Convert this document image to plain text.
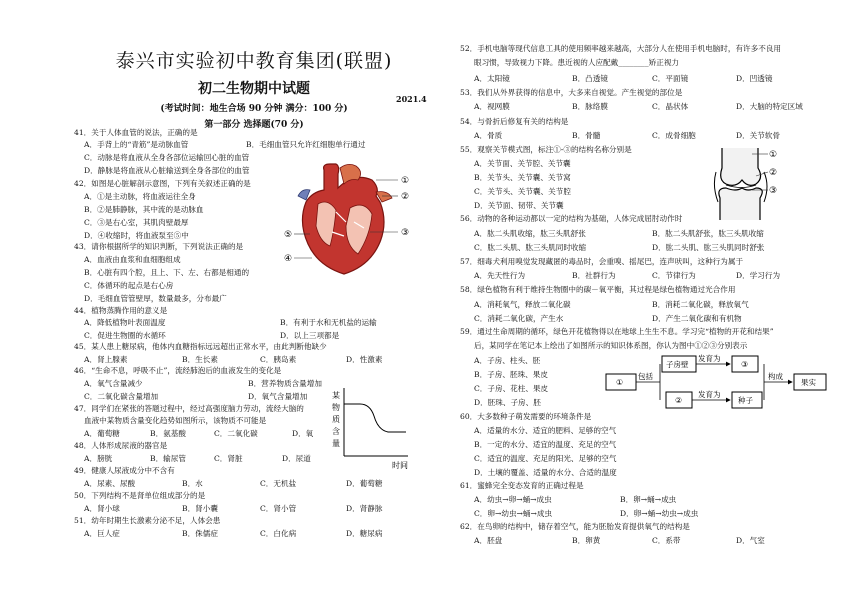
泰兴市实验初中教育集团(联盟)
初二生物期中试题
2021.4
(考试时间：地生合场 90 分钟 满分：100 分)
第一部分 选择题(70 分)
41．关于人体血管的说法，正确的是
A．手背上的“青筋”是动脉血管	B．毛细血管只允许红细胞单行通过
C．动脉是将血液从全身各部位运输回心脏的血管
D．静脉是将血液从心脏输送到全身各部位的血管
42．如图是心脏解剖示意图，下列有关叙述正确的是
A．①是主动脉，将血液运往全身
B．②是肺静脉，其中流的是动脉血
C．③是右心室，其肌肉壁最厚
D．④收缩时，将血液泵至⑤中
43．请你根据所学的知识判断，下列说法正确的是
A．血液由血浆和血细胞组成
B．心脏有四个腔，且上、下、左、右都是相通的
C．体循环的起点是右心房
D．毛细血管管壁厚，数量最多，分布最广
44．植物蒸腾作用的意义是
A．降低植物叶表面温度	B．有利于水和无机盐的运输
C．促进生物圈的水循环	D．以上三项都是
45．某人患上糖尿病，他体内血糖指标远远超出正常水平，由此判断他缺少
A．肾上腺素	B．生长素	C．胰岛素	D．性激素
46．“生命不息，呼吸不止”，流经肺泡后的血液发生的变化是
A．氧气含量减少	B．营养物质含量增加
C．二氧化碳含量增加	D．氧气含量增加
47．同学们在紧张的答题过程中，经过高强度脑力劳动，流经大脑的
血液中某物质含量变化趋势如图所示，该物质不可能是
A．葡萄糖	B．氨基酸	C．二氧化碳	D．氧
48．人体形成尿液的器官是
A．膀胱	B．输尿管	C．肾脏	D．尿道
49．健康人尿液成分中不含有
A．尿素、尿酸	B．水	C．无机盐	D．葡萄糖
50．下列结构不是肾单位组成部分的是
A．肾小球	B．肾小囊	C．肾小管	D．肾静脉
51．幼年时期生长激素分泌不足，人体会患
A．巨人症	B．侏儒症	C．白化病	D．糖尿病
①
②
③
④
⑤
某物质含量
时间
52．手机电脑等现代信息工具的使用频率越来越高，大部分人在使用手机电脑时，有许多不良用
眼习惯，导致视力下降。患近视的人应配戴________矫正视力
A．太阳镜	B．凸透镜	C．平面镜	D．凹透镜
53．我们从外界获得的信息中，大多来自视觉。产生视觉的部位是
A．视网膜	B．脉络膜	C．晶状体	D．大脑的特定区域
54．与骨折后修复有关的结构是
A．骨质	B．骨髓	C．成骨细胞	D．关节软骨
55．观察关节模式图，标注①-③的结构名称分别是
A．关节面、关节腔、关节囊
B．关节头、关节囊、关节窝
C．关节头、关节囊、关节腔
D．关节面、韧带、关节囊
56．动物的各种运动都以一定的结构为基础，人体完成屈肘动作时
A．肱二头肌收缩，肱三头肌舒张	B．肱二头肌舒张，肱三头肌收缩
C．肱二头肌、肱三头肌同时收缩	D．肱二头肌、肱三头肌同时舒张
57．细毒犬利用嗅觉发现藏匿的毒品时，会重嗅、摇尾巴，连声吠叫，这种行为属于
A．先天性行为	B．社群行为	C．节律行为	D．学习行为
58．绿色植物有利于维持生物圈中的碳－氧平衡，其过程是绿色植物通过光合作用
A．消耗氧气，释放二氧化碳	B．消耗二氧化碳，释放氧气
C．消耗二氧化碳，产生水	D．产生二氧化碳和有机物
59．通过生命周期的循环，绿色开花植物得以在地球上生生不息。学习完“植物的开花和结果”
后，某同学在笔记本上绘出了如图所示的知识体系图，你认为图中①②③分别表示
A．子房、柱头、胚
B．子房、胚珠、果皮
C．子房、花柱、果皮
D．胚珠、子房、胚
60．大多数种子萌发需要的环境条件是
A．适量的水分、适宜的肥料、足够的空气
B．一定的水分、适宜的温度、充足的空气
C．适宜的温度、充足的阳光、足够的空气
D．土壤的覆盖、适量的水分、合适的温度
61．蜜蜂完全变态发育的正确过程是
A．幼虫→卵→蛹→成虫	B．卵→蛹→成虫
C．卵→幼虫→蛹→成虫	D．卵→蛹→幼虫→成虫
62．在鸟卵的结构中，储存着空气，能为胚胎发育提供氧气的结构是
A．胚盘	B．卵黄	C．系带	D．气室
①
②
③
①
包括
子房壁
②
发育为
发育为
③
种子
构成
果实
